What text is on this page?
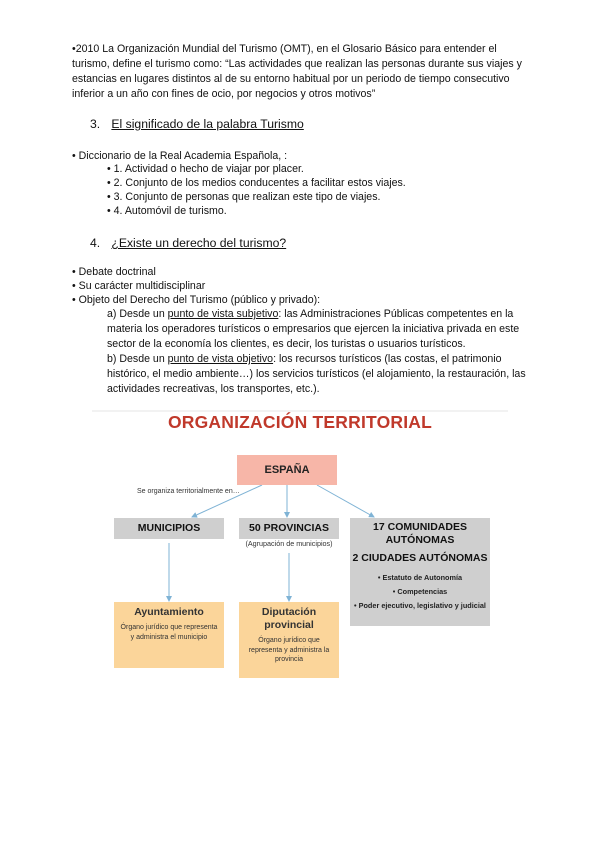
•2010 La Organización Mundial del Turismo (OMT), en el Glosario Básico para entender el turismo, define el turismo como: “Las actividades que realizan las personas durante sus viajes y estancias en lugares distintos al de su entorno habitual por un periodo de tiempo consecutivo inferior a un año con fines de ocio, por negocios y otros motivos”
3. El significado de la palabra Turismo
• Diccionario de la Real Academia Española, :
• 1. Actividad o hecho de viajar por placer.
• 2. Conjunto de los medios conducentes a facilitar estos viajes.
• 3. Conjunto de personas que realizan este tipo de viajes.
• 4. Automóvil de turismo.
4. ¿Existe un derecho del turismo?
• Debate doctrinal
• Su carácter multidisciplinar
• Objeto del Derecho del Turismo (público y privado):
a) Desde un punto de vista subjetivo: las Administraciones Públicas competentes en la materia los operadores turísticos o empresarios que ejercen la iniciativa privada en este sector de la economía los clientes, es decir, los turistas o usuarios turísticos.
b) Desde un punto de vista objetivo: los recursos turísticos (las costas, el patrimonio histórico, el medio ambiente…) los servicios turísticos (el alojamiento, la restauración, las actividades recreativas, los transportes, etc.).
ORGANIZACIÓN TERRITORIAL
ESPAÑA
Se organiza territorialmente en…
MUNICIPIOS	50 PROVINCIAS
(Agrupación de municipios)
17 COMUNIDADES AUTÓNOMAS
2 CIUDADES AUTÓNOMAS
• Estatuto de Autonomía
• Competencias
• Poder ejecutivo, legislativo y judicial
Ayuntamiento
Órgano jurídico que representa y administra el municipio
Diputación provincial
Órgano jurídico que representa y administra la provincia
